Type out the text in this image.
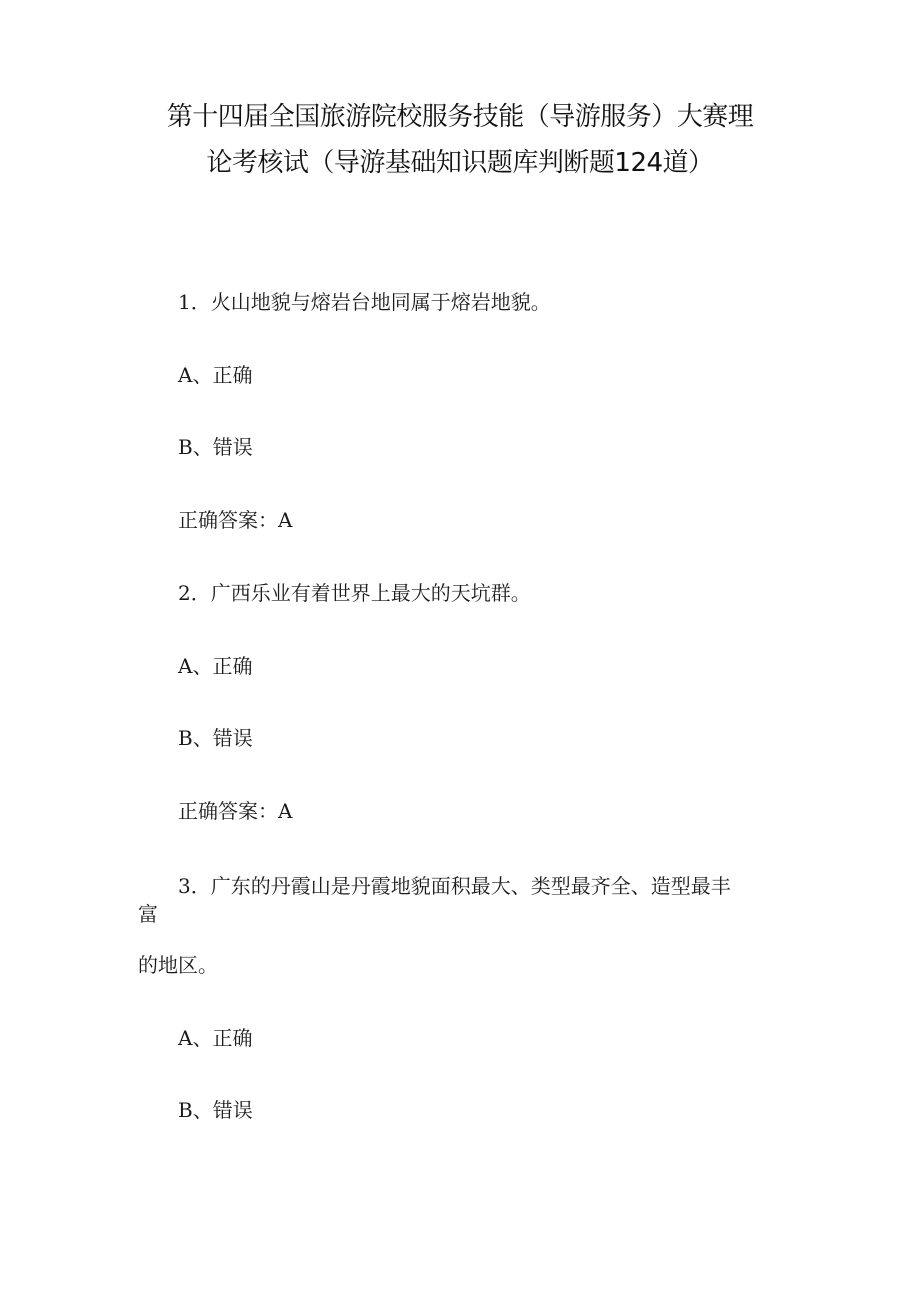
第十四届全国旅游院校服务技能（导游服务）大赛理
论考核试（导游基础知识题库判断题124道）
1．火山地貌与熔岩台地同属于熔岩地貌。
A、正确
B、错误
正确答案：A
2．广西乐业有着世界上最大的天坑群。
A、正确
B、错误
正确答案：A
3．广东的丹霞山是丹霞地貌面积最大、类型最齐全、造型最丰
富
的地区。
A、正确
B、错误
